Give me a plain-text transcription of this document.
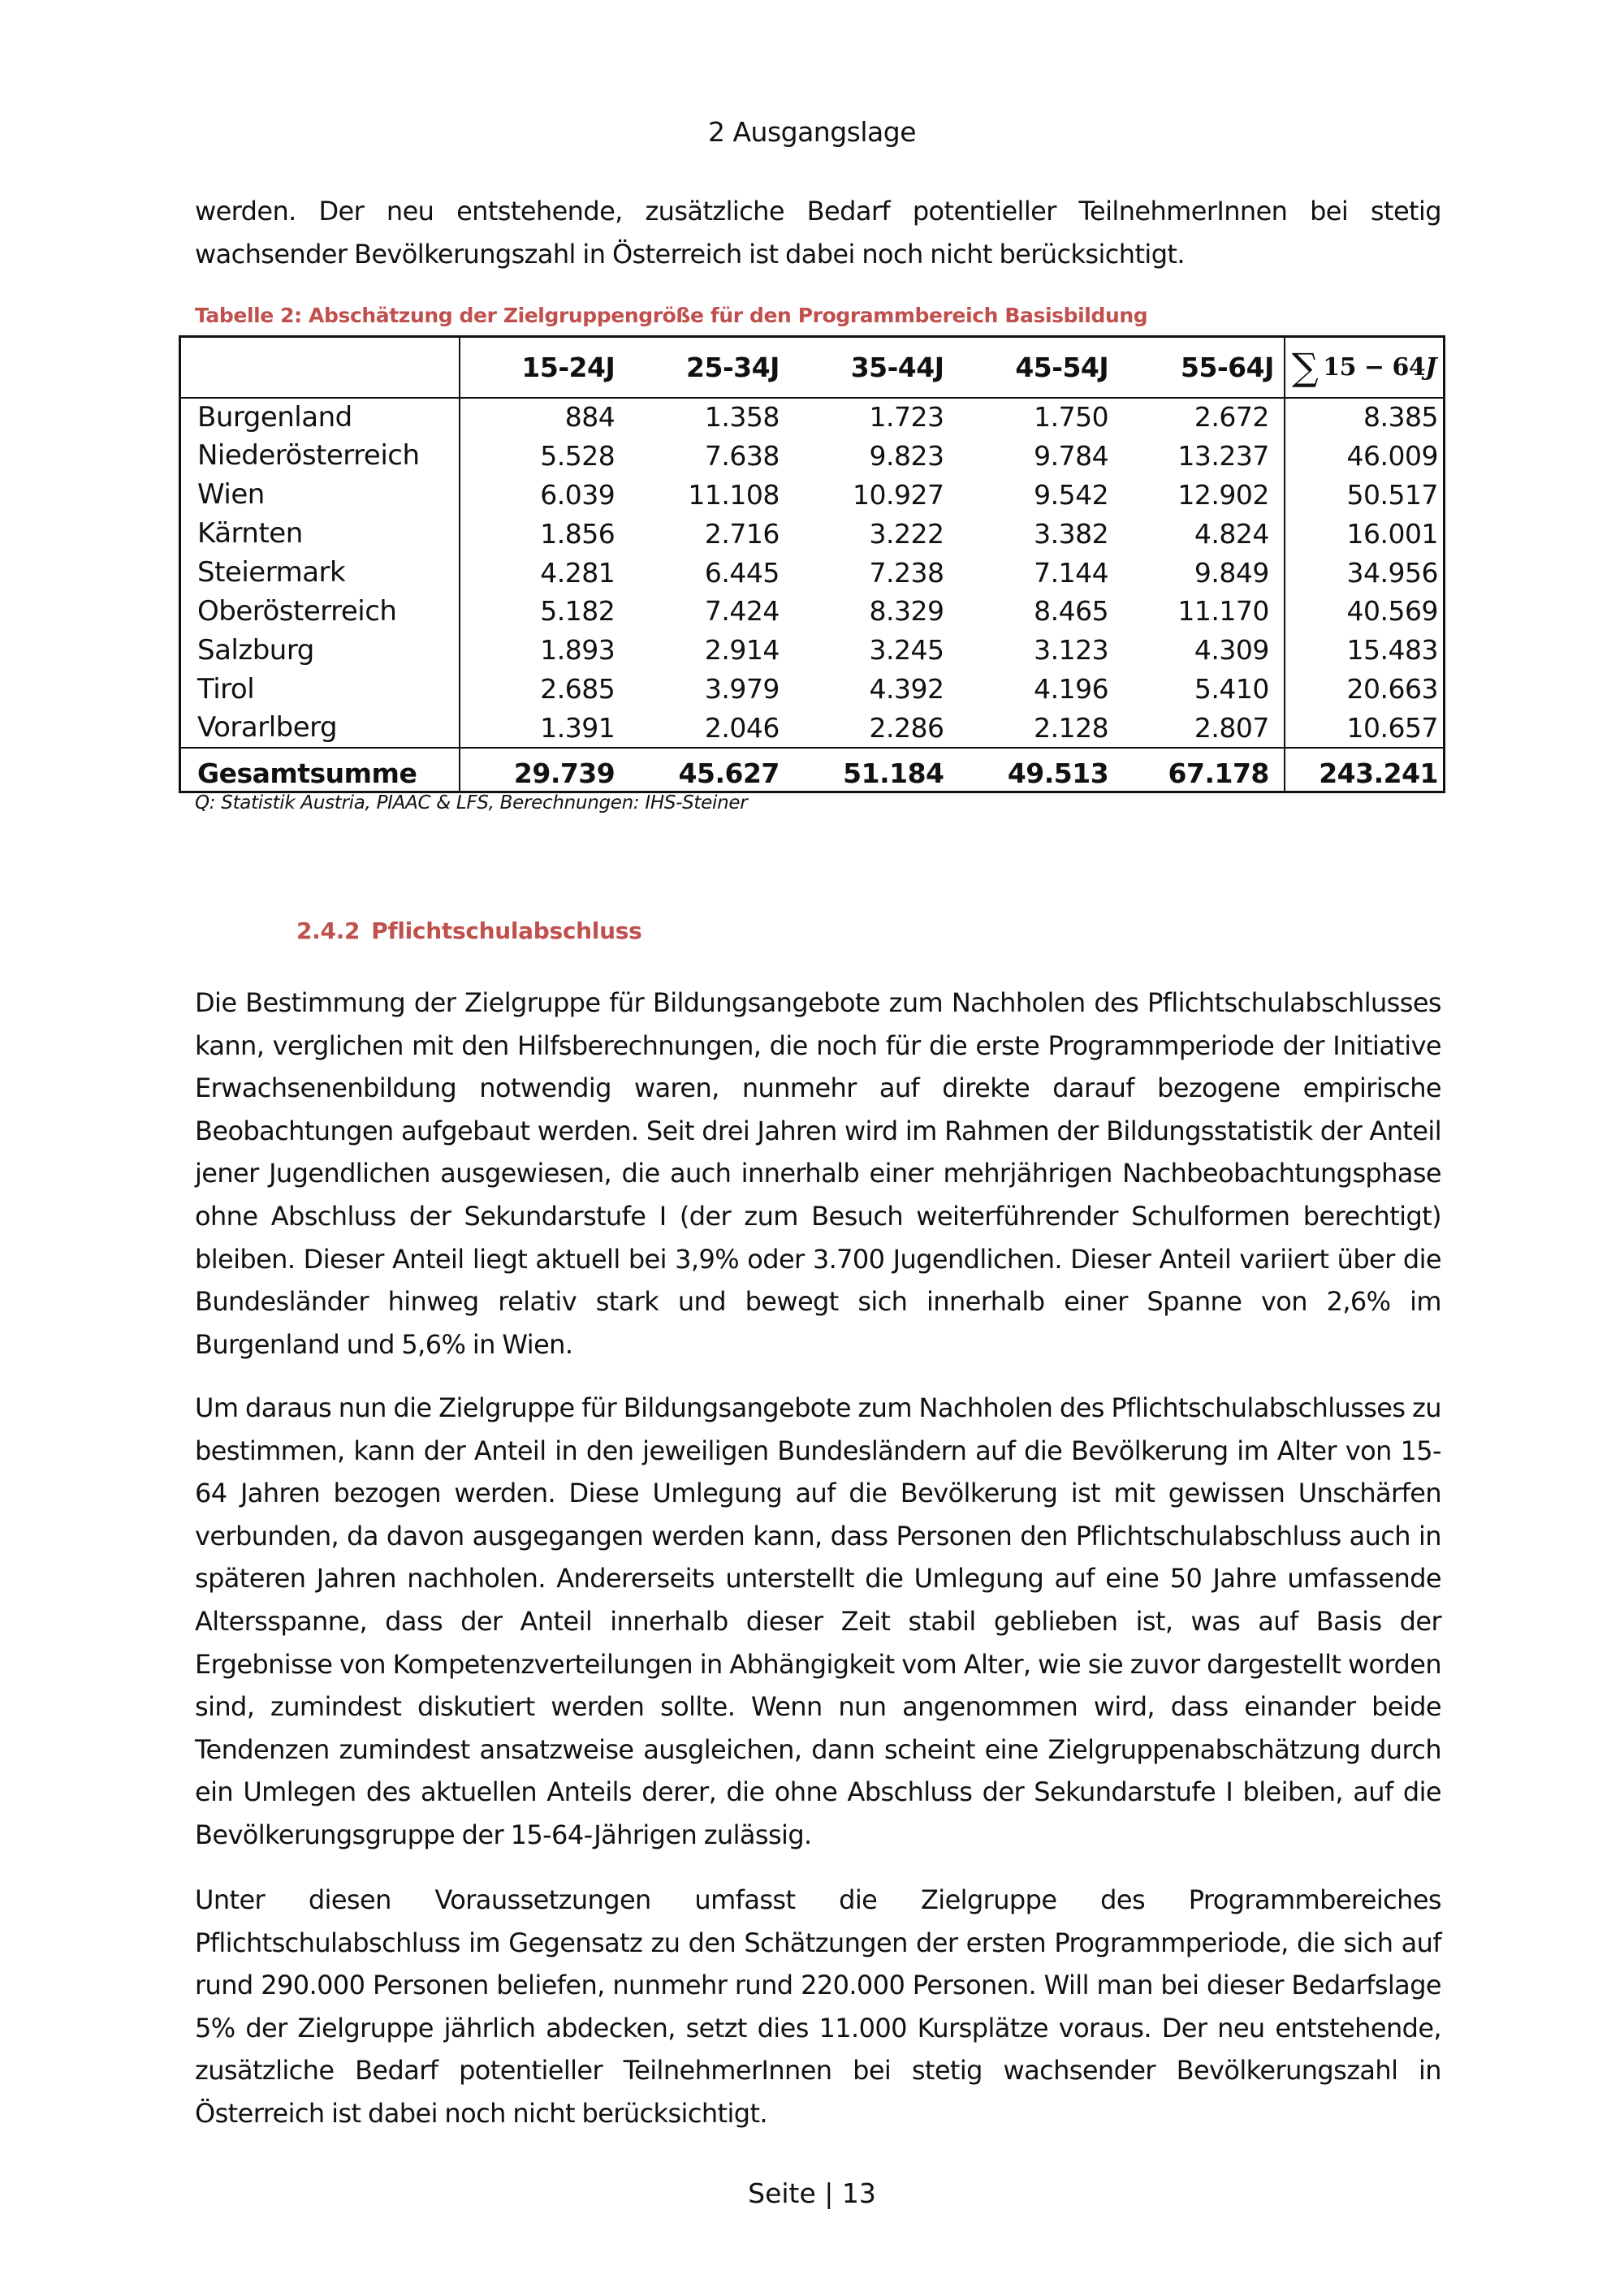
2 Ausgangslage

werden. Der neu entstehende, zusätzliche Bedarf potentieller TeilnehmerInnen bei stetig wachsender Bevölkerungszahl in Österreich ist dabei noch nicht berücksichtigt.

Tabelle 2: Abschätzung der Zielgruppengröße für den Programmbereich Basisbildung
	15-24J	25-34J	35-44J	45-54J	55-64J	∑ 15 − 64J
Burgenland	884	1.358	1.723	1.750	2.672	8.385
Niederösterreich	5.528	7.638	9.823	9.784	13.237	46.009
Wien	6.039	11.108	10.927	9.542	12.902	50.517
Kärnten	1.856	2.716	3.222	3.382	4.824	16.001
Steiermark	4.281	6.445	7.238	7.144	9.849	34.956
Oberösterreich	5.182	7.424	8.329	8.465	11.170	40.569
Salzburg	1.893	2.914	3.245	3.123	4.309	15.483
Tirol	2.685	3.979	4.392	4.196	5.410	20.663
Vorarlberg	1.391	2.046	2.286	2.128	2.807	10.657
Gesamtsumme	29.739	45.627	51.184	49.513	67.178	243.241
Q: Statistik Austria, PIAAC & LFS, Berechnungen: IHS-Steiner
2.4.2 Pflichtschulabschluss

Die Bestimmung der Zielgruppe für Bildungsangebote zum Nachholen des Pflichtschulabschlusses kann, verglichen mit den Hilfsberechnungen, die noch für die erste Programmperiode der Initiative Erwachsenenbildung notwendig waren, nunmehr auf direkte darauf bezogene empirische Beobachtungen aufgebaut werden. Seit drei Jahren wird im Rahmen der Bildungsstatistik der Anteil jener Jugendlichen ausgewiesen, die auch innerhalb einer mehrjährigen Nachbeobachtungsphase ohne Abschluss der Sekundarstufe I (der zum Besuch weiterführender Schulformen berechtigt) bleiben. Dieser Anteil liegt aktuell bei 3,9% oder 3.700 Jugendlichen. Dieser Anteil variiert über die Bundesländer hinweg relativ stark und bewegt sich innerhalb einer Spanne von 2,6% im Burgenland und 5,6% in Wien.

Um daraus nun die Zielgruppe für Bildungsangebote zum Nachholen des Pflichtschulabschlusses zu bestimmen, kann der Anteil in den jeweiligen Bundesländern auf die Bevölkerung im Alter von 15-64 Jahren bezogen werden. Diese Umlegung auf die Bevölkerung ist mit gewissen Unschärfen verbunden, da davon ausgegangen werden kann, dass Personen den Pflichtschulabschluss auch in späteren Jahren nachholen. Andererseits unterstellt die Umlegung auf eine 50 Jahre umfassende Altersspanne, dass der Anteil innerhalb dieser Zeit stabil geblieben ist, was auf Basis der Ergebnisse von Kompetenzverteilungen in Abhängigkeit vom Alter, wie sie zuvor dargestellt worden sind, zumindest diskutiert werden sollte. Wenn nun angenommen wird, dass einander beide Tendenzen zumindest ansatzweise ausgleichen, dann scheint eine Zielgruppenabschätzung durch ein Umlegen des aktuellen Anteils derer, die ohne Abschluss der Sekundarstufe I bleiben, auf die Bevölkerungsgruppe der 15-64-Jährigen zulässig.

Unter diesen Voraussetzungen umfasst die Zielgruppe des Programmbereiches Pflichtschulabschluss im Gegensatz zu den Schätzungen der ersten Programmperiode, die sich auf rund 290.000 Personen beliefen, nunmehr rund 220.000 Personen. Will man bei dieser Bedarfslage 5% der Zielgruppe jährlich abdecken, setzt dies 11.000 Kursplätze voraus. Der neu entstehende, zusätzliche Bedarf potentieller TeilnehmerInnen bei stetig wachsender Bevölkerungszahl in Österreich ist dabei noch nicht berücksichtigt.

Seite | 13
